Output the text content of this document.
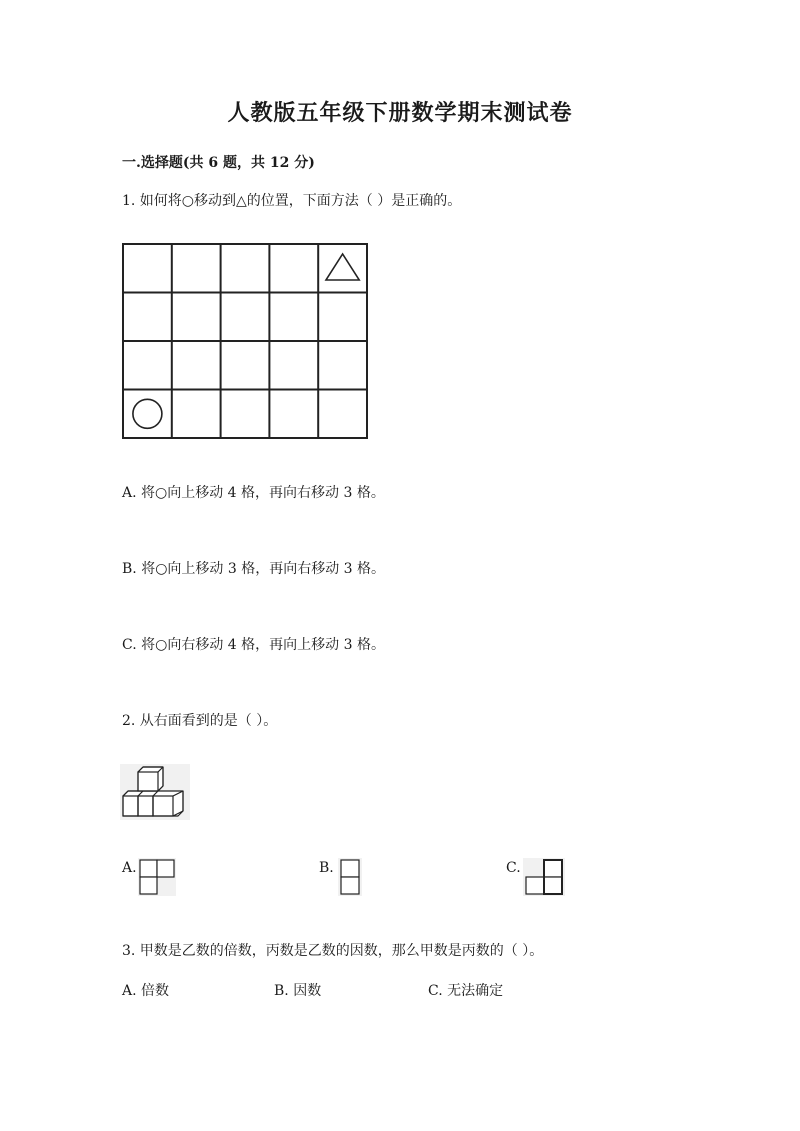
人教版五年级下册数学期末测试卷
一.选择题(共 6 题，共 12 分)
1. 如何将○移动到△的位置，下面方法（ ）是正确的。
A. 将○向上移动 4 格，再向右移动 3 格。
B. 将○向上移动 3 格，再向右移动 3 格。
C. 将○向右移动 4 格，再向上移动 3 格。
2. 从右面看到的是（ ）。
A.	B.	C.
3. 甲数是乙数的倍数，丙数是乙数的因数，那么甲数是丙数的（ ）。
A. 倍数	B. 因数	C. 无法确定
